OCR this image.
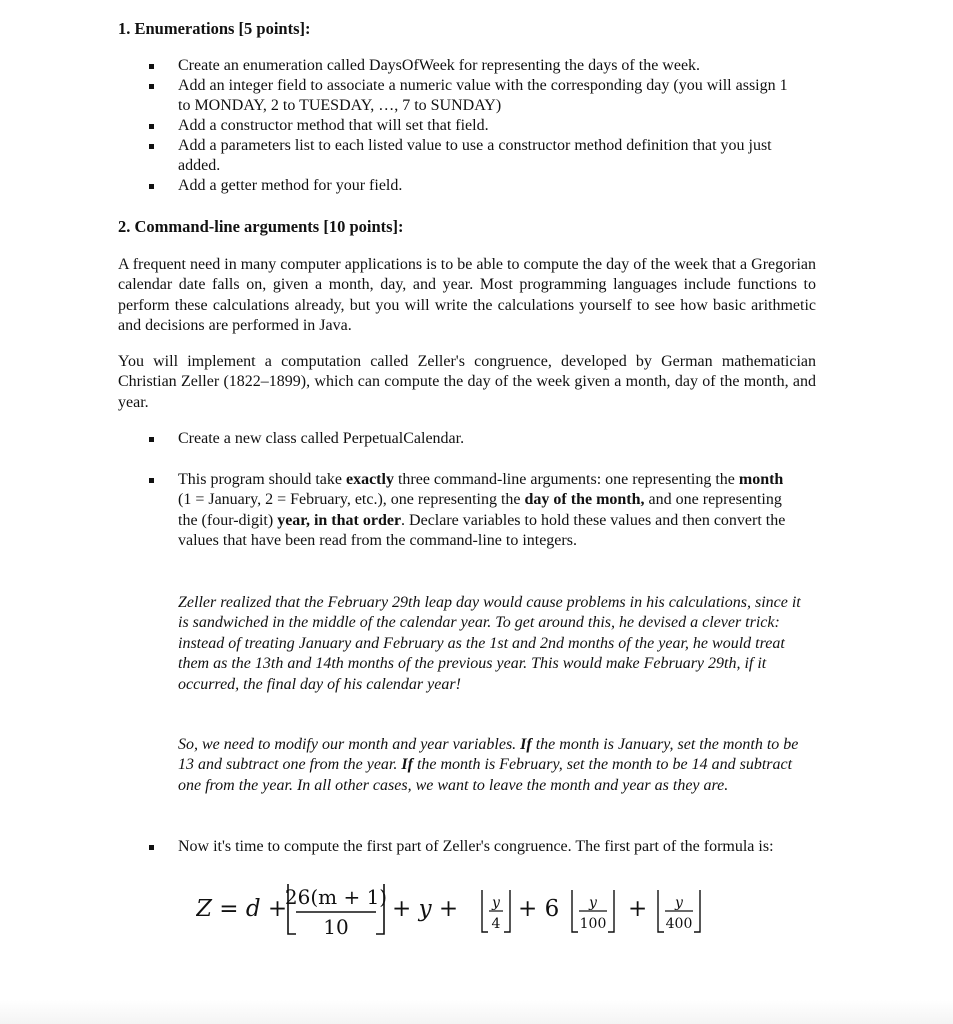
1. Enumerations [5 points]:
Create an enumeration called DaysOfWeek for representing the days of the week.
Add an integer field to associate a numeric value with the corresponding day (you will assign 1 to MONDAY, 2 to TUESDAY, …, 7 to SUNDAY)
Add a constructor method that will set that field.
Add a parameters list to each listed value to use a constructor method definition that you just added.
Add a getter method for your field.
2. Command-line arguments [10 points]:

A frequent need in many computer applications is to be able to compute the day of the week that a Gregorian calendar date falls on, given a month, day, and year. Most programming languages include functions to perform these calculations already, but you will write the calculations yourself to see how basic arithmetic and decisions are performed in Java.

You will implement a computation called Zeller's congruence, developed by German mathematician Christian Zeller (1822–1899), which can compute the day of the week given a month, day of the month, and year.

Create a new class called PerpetualCalendar.
This program should take exactly three command-line arguments: one representing the month (1 = January, 2 = February, etc.), one representing the day of the month, and one representing the (four-digit) year, in that order. Declare variables to hold these values and then convert the values that have been read from the command-line to integers.

Zeller realized that the February 29th leap day would cause problems in his calculations, since it is sandwiched in the middle of the calendar year. To get around this, he devised a clever trick: instead of treating January and February as the 1st and 2nd months of the year, he would treat them as the 13th and 14th months of the previous year. This would make February 29th, if it occurred, the final day of his calendar year!

So, we need to modify our month and year variables. If the month is January, set the month to be 13 and subtract one from the year. If the month is February, set the month to be 14 and subtract one from the year. In all other cases, we want to leave the month and year as they are.

Now it's time to compute the first part of Zeller's congruence. The first part of the formula is:
Z = d +
26(m + 1)
10
+ y + y
4
+ 6 y
100
+ y
400
